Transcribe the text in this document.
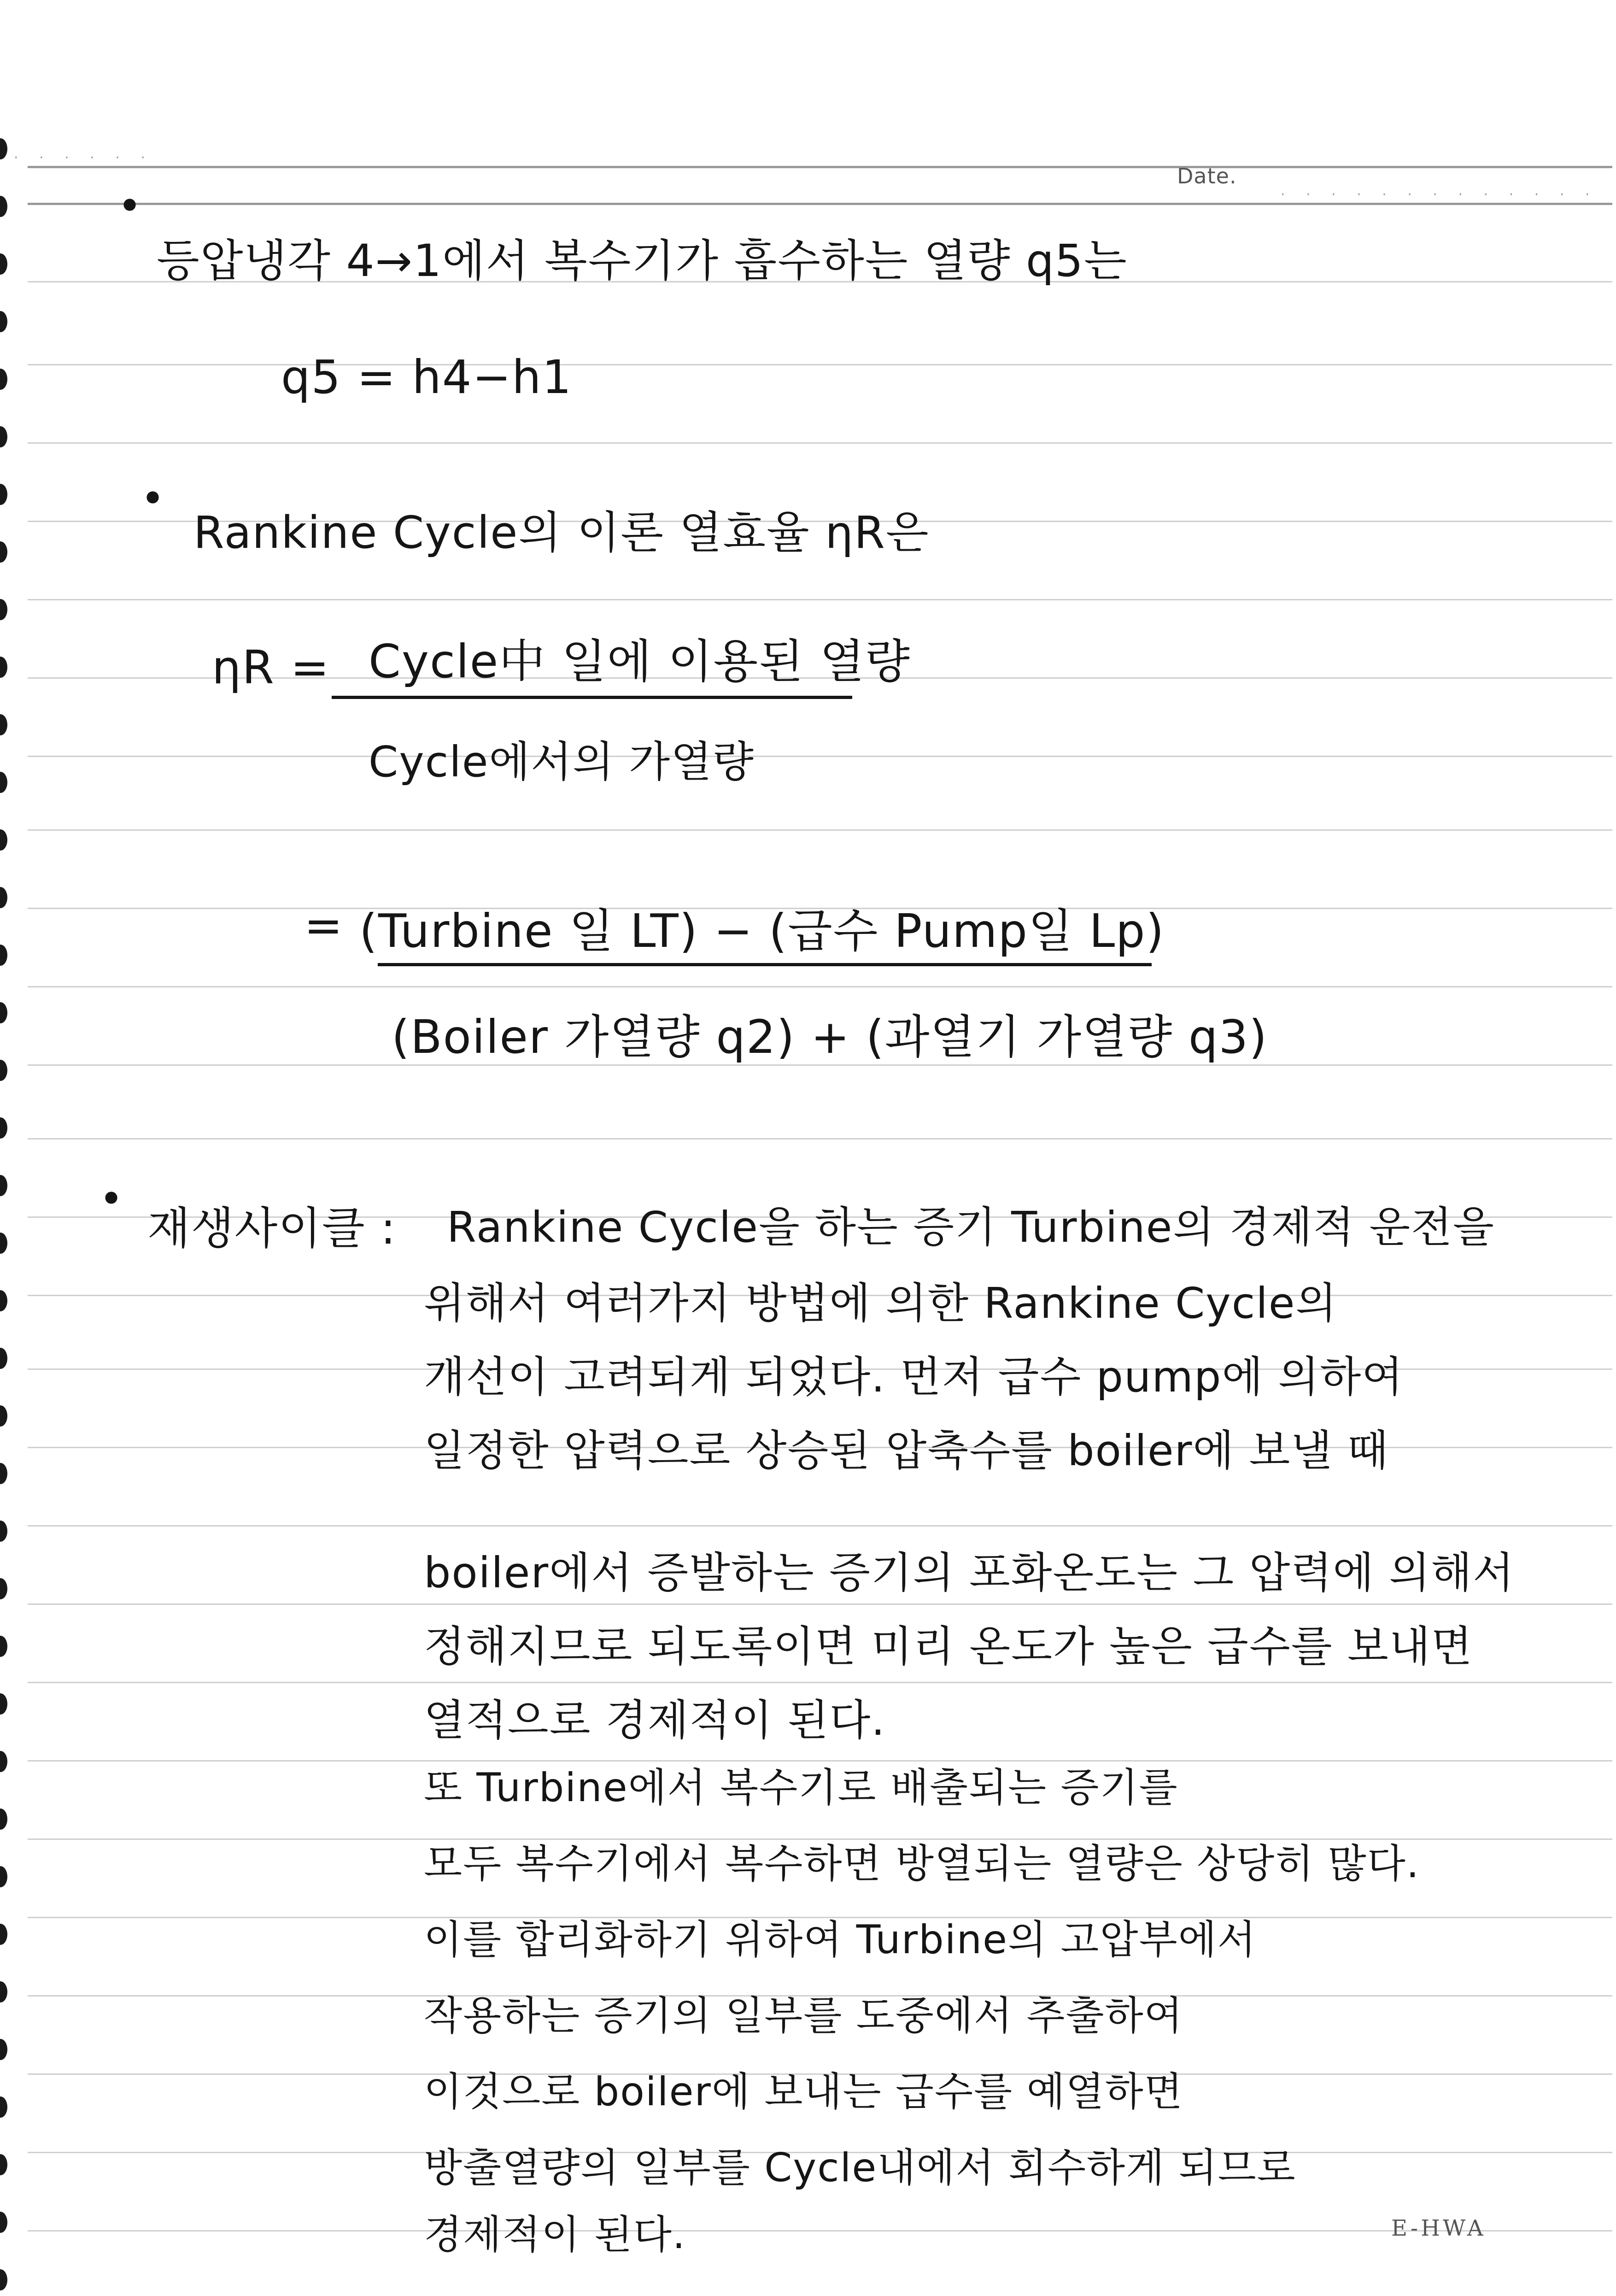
Date.
· · · · · ·
· · · · · · · · · · · · ·
•
등압냉각 4→1에서 복수기가 흡수하는 열량 q5는
q5 = h4−h1
•
Rankine Cycle의 이론 열효율 ηR은
ηR = Cycle中 일에 이용된 열량
Cycle에서의 가열량
= (Turbine 일 LT) − (급수 Pump일 Lp)
(Boiler 가열량 q2) + (과열기 가열량 q3)
•
재생사이클 : Rankine Cycle을 하는 증기 Turbine의 경제적 운전을
위해서 여러가지 방법에 의한 Rankine Cycle의
개선이 고려되게 되었다. 먼저 급수 pump에 의하여
일정한 압력으로 상승된 압축수를 boiler에 보낼 때
boiler에서 증발하는 증기의 포화온도는 그 압력에 의해서
정해지므로 되도록이면 미리 온도가 높은 급수를 보내면
열적으로 경제적이 된다.
E-HWA
또 Turbine에서 복수기로 배출되는 증기를
모두 복수기에서 복수하면 방열되는 열량은 상당히 많다.
이를 합리화하기 위하여 Turbine의 고압부에서
작용하는 증기의 일부를 도중에서 추출하여
이것으로 boiler에 보내는 급수를 예열하면
방출열량의 일부를 Cycle내에서 회수하게 되므로
경제적이 된다.
